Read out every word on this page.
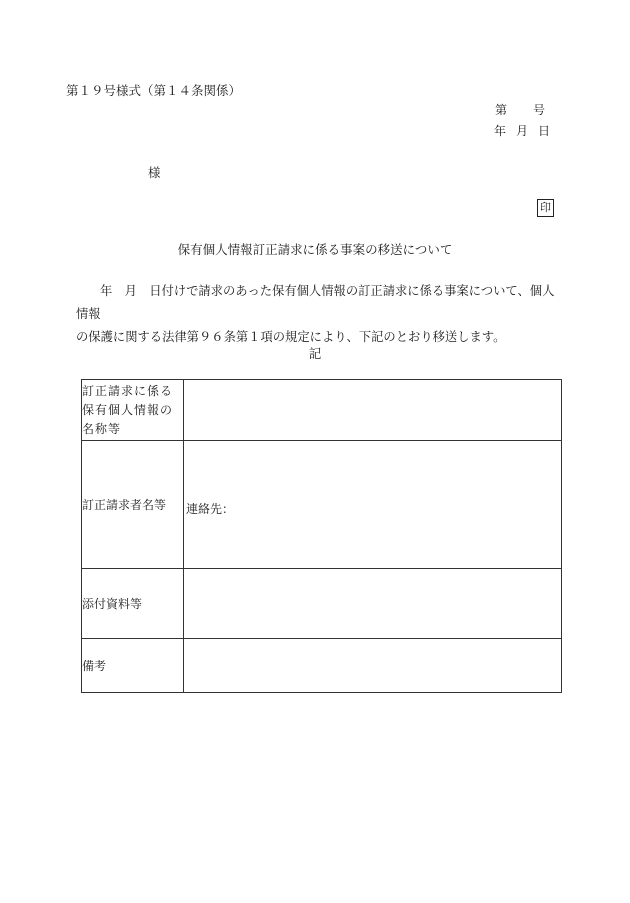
第１９号様式（第１４条関係）
第 号
年 月 日
様
印
保有個人情報訂正請求に係る事案の移送について
年　月　日付けで請求のあった保有個人情報の訂正請求に係る事案について、個人情報
の保護に関する法律第９６条第１項の規定により、下記のとおり移送します。
記
訂正請求に係る保有個人情報の名称等	

訂正請求者名等	連絡先：

添付資料等	
備考	
